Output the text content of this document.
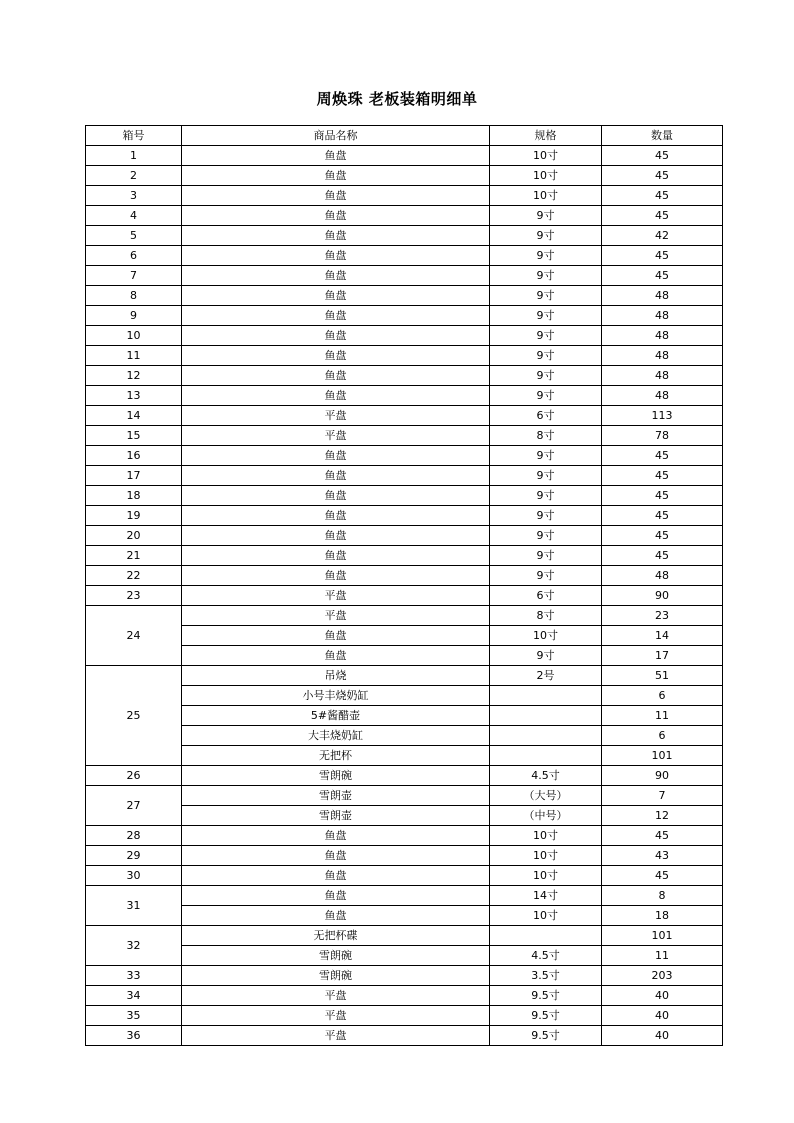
周焕珠 老板装箱明细单
箱号	商品名称	规格	数量
1	鱼盘	10寸	45
2	鱼盘	10寸	45
3	鱼盘	10寸	45
4	鱼盘	9寸	45
5	鱼盘	9寸	42
6	鱼盘	9寸	45
7	鱼盘	9寸	45
8	鱼盘	9寸	48
9	鱼盘	9寸	48
10	鱼盘	9寸	48
11	鱼盘	9寸	48
12	鱼盘	9寸	48
13	鱼盘	9寸	48
14	平盘	6寸	113
15	平盘	8寸	78
16	鱼盘	9寸	45
17	鱼盘	9寸	45
18	鱼盘	9寸	45
19	鱼盘	9寸	45
20	鱼盘	9寸	45
21	鱼盘	9寸	45
22	鱼盘	9寸	48
23	平盘	6寸	90
24	平盘	8寸	23
	鱼盘	10寸	14
	鱼盘	9寸	17
25	吊烧	2号	51
	小号丰烧奶缸		6
	5#酱醋壶		11
	大丰烧奶缸		6
	无把杯		101
26	雪朗碗	4.5寸	90
27	雪朗壶	（大号）	7
	雪朗壶	（中号）	12
28	鱼盘	10寸	45
29	鱼盘	10寸	43
30	鱼盘	10寸	45
31	鱼盘	14寸	8
	鱼盘	10寸	18
32	无把杯碟		101
	雪朗碗	4.5寸	11
33	雪朗碗	3.5寸	203
34	平盘	9.5寸	40
35	平盘	9.5寸	40
36	平盘	9.5寸	40
